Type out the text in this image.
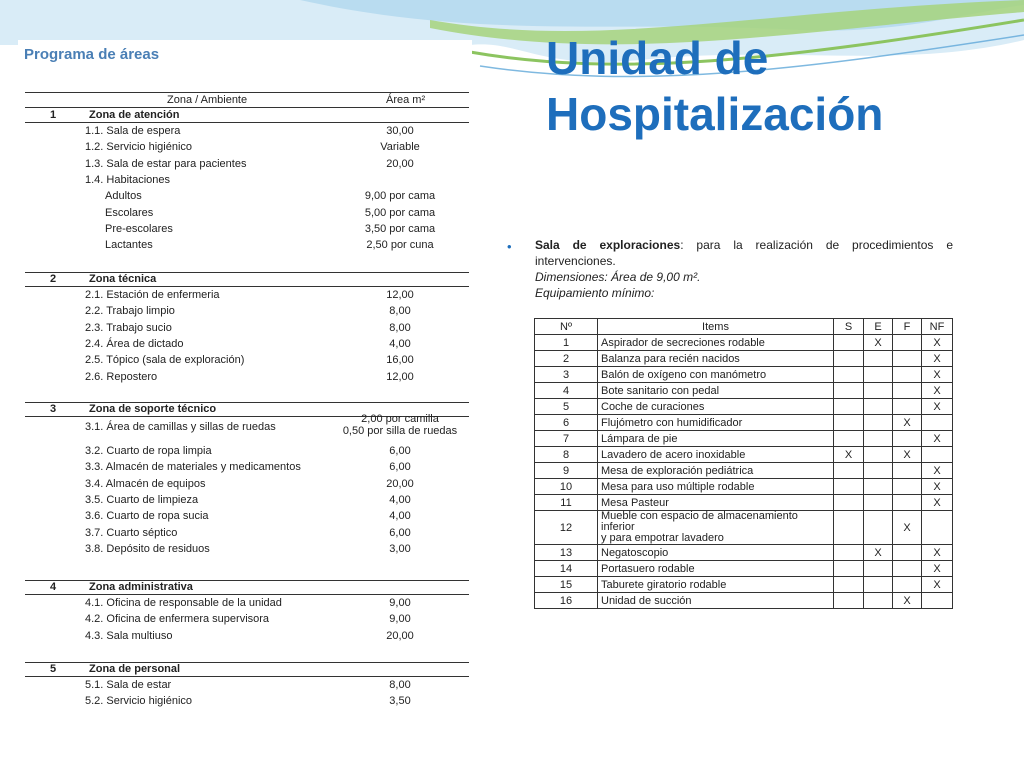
Programa de áreas
Zona / Ambiente	Área m²
1	Zona de atención
1.1. Sala de espera	30,00
1.2. Servicio higiénico	Variable
1.3. Sala de estar para pacientes	20,00
1.4. Habitaciones
Adultos	9,00 por cama
Escolares	5,00 por cama
Pre-escolares	3,50 por cama
Lactantes	2,50 por cuna
2	Zona técnica
2.1. Estación de enfermeria	12,00
2.2. Trabajo limpio	8,00
2.3. Trabajo sucio	8,00
2.4. Área de dictado	4,00
2.5. Tópico (sala de exploración)	16,00
2.6. Repostero	12,00
3	Zona de soporte técnico
3.1. Área de camillas y sillas de ruedas
2,00 por camilla
0,50 por silla de ruedas
3.2. Cuarto de ropa limpia	6,00
3.3. Almacén de materiales y medicamentos	6,00
3.4. Almacén de equipos	20,00
3.5. Cuarto de limpieza	4,00
3.6. Cuarto de ropa sucia	4,00
3.7. Cuarto séptico	6,00
3.8. Depósito de residuos	3,00
4	Zona administrativa
4.1. Oficina de responsable de la unidad	9,00
4.2. Oficina de enfermera supervisora	9,00
4.3. Sala multiuso	20,00
5	Zona de personal
5.1. Sala de estar	8,00
5.2. Servicio higiénico	3,50
Unidad de
Hospitalización
• Sala de exploraciones: para la realización de procedimientos e intervenciones.
Dimensiones: Área de 9,00 m².
Equipamiento mínimo:
Nº	Items	S	E	F	NF
1	Aspirador de secreciones rodable		X		X
2	Balanza para recién nacidos				X
3	Balón de oxígeno con manómetro				X
4	Bote sanitario con pedal				X
5	Coche de curaciones				X
6	Flujómetro con humidificador			X	
7	Lámpara de pie				X
8	Lavadero de acero inoxidable	X		X	
9	Mesa de exploración pediátrica				X
10	Mesa para uso múltiple rodable				X
11	Mesa Pasteur				X
12	Mueble con espacio de almacenamiento inferior
y para empotrar lavadero			X	
13	Negatoscopio		X		X
14	Portasuero rodable				X
15	Taburete giratorio rodable				X
16	Unidad de succión			X	
